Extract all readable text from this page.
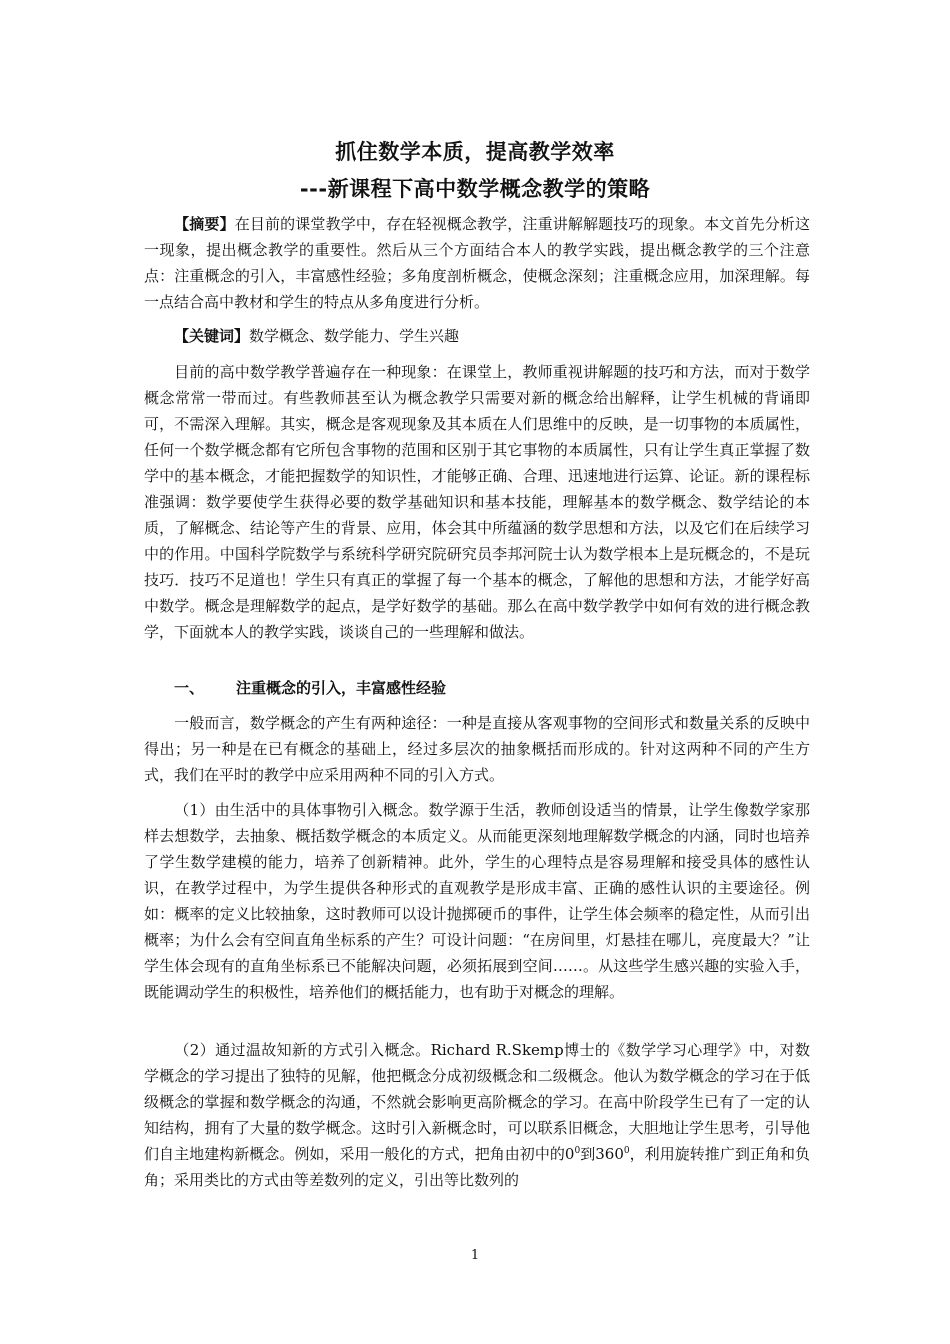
抓住数学本质，提高教学效率
---新课程下高中数学概念教学的策略

【摘要】在目前的课堂教学中，存在轻视概念教学，注重讲解解题技巧的现象。本文首先分析这一现象，提出概念教学的重要性。然后从三个方面结合本人的教学实践，提出概念教学的三个注意点：注重概念的引入，丰富感性经验；多角度剖析概念，使概念深刻；注重概念应用，加深理解。每一点结合高中教材和学生的特点从多角度进行分析。

【关键词】数学概念、数学能力、学生兴趣

目前的高中数学教学普遍存在一种现象：在课堂上，教师重视讲解题的技巧和方法，而对于数学概念常常一带而过。有些教师甚至认为概念教学只需要对新的概念给出解释，让学生机械的背诵即可，不需深入理解。其实，概念是客观现象及其本质在人们思维中的反映，是一切事物的本质属性，任何一个数学概念都有它所包含事物的范围和区别于其它事物的本质属性，只有让学生真正掌握了数学中的基本概念，才能把握数学的知识性，才能够正确、合理、迅速地进行运算、论证。新的课程标准强调：数学要使学生获得必要的数学基础知识和基本技能，理解基本的数学概念、数学结论的本质，了解概念、结论等产生的背景、应用，体会其中所蕴涵的数学思想和方法，以及它们在后续学习中的作用。中国科学院数学与系统科学研究院研究员李邦河院士认为数学根本上是玩概念的，不是玩技巧．技巧不足道也！学生只有真正的掌握了每一个基本的概念，了解他的思想和方法，才能学好高中数学。概念是理解数学的起点，是学好数学的基础。那么在高中数学教学中如何有效的进行概念教学，下面就本人的教学实践，谈谈自己的一些理解和做法。

一、 注重概念的引入，丰富感性经验

一般而言，数学概念的产生有两种途径：一种是直接从客观事物的空间形式和数量关系的反映中得出；另一种是在已有概念的基础上，经过多层次的抽象概括而形成的。针对这两种不同的产生方式，我们在平时的教学中应采用两种不同的引入方式。

（1）由生活中的具体事物引入概念。数学源于生活，教师创设适当的情景，让学生像数学家那样去想数学，去抽象、概括数学概念的本质定义。从而能更深刻地理解数学概念的内涵，同时也培养了学生数学建模的能力，培养了创新精神。此外，学生的心理特点是容易理解和接受具体的感性认识，在教学过程中，为学生提供各种形式的直观教学是形成丰富、正确的感性认识的主要途径。例如：概率的定义比较抽象，这时教师可以设计抛掷硬币的事件，让学生体会频率的稳定性，从而引出概率；为什么会有空间直角坐标系的产生？可设计问题：“在房间里，灯悬挂在哪儿，亮度最大？”让学生体会现有的直角坐标系已不能解决问题，必须拓展到空间……。从这些学生感兴趣的实验入手，既能调动学生的积极性，培养他们的概括能力，也有助于对概念的理解。

（2）通过温故知新的方式引入概念。Richard R.Skemp博士的《数学学习心理学》中，对数学概念的学习提出了独特的见解，他把概念分成初级概念和二级概念。他认为数学概念的学习在于低级概念的掌握和数学概念的沟通，不然就会影响更高阶概念的学习。在高中阶段学生已有了一定的认知结构，拥有了大量的数学概念。这时引入新概念时，可以联系旧概念，大胆地让学生思考，引导他们自主地建构新概念。例如，采用一般化的方式，把角由初中的$0^0$到$360^0$，利用旋转推广到正角和负角；采用类比的方式由等差数列的定义，引出等比数列的

1
